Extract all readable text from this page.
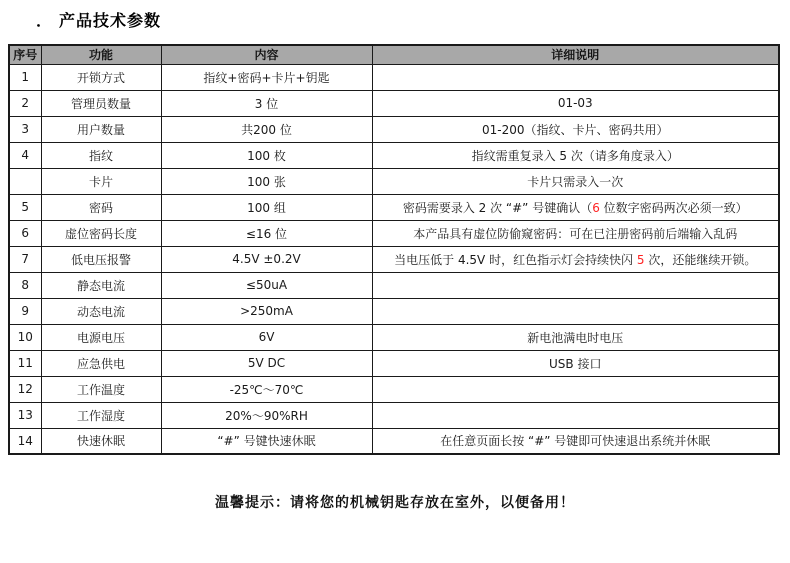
． 产品技术参数
序号	功能	内容	详细说明
1	开锁方式	指纹+密码+卡片+钥匙	
2	管理员数量	3 位	01-03
3	用户数量	共200 位	01-200（指纹、卡片、密码共用）
4	指纹	100 枚	指纹需重复录入 5 次（请多角度录入）
	卡片	100 张	卡片只需录入一次
5	密码	100 组	密码需要录入 2 次 “#” 号键确认（6 位数字密码两次必须一致）
6	虚位密码长度	≤16 位	本产品具有虚位防偷窥密码：可在已注册密码前后端输入乱码
7	低电压报警	4.5V ±0.2V	当电压低于 4.5V 时，红色指示灯会持续快闪 5 次，还能继续开锁。
8	静态电流	≤50uA	
9	动态电流	>250mA	
10	电源电压	6V	新电池满电时电压
11	应急供电	5V DC	USB 接口
12	工作温度	-25℃～70℃	
13	工作湿度	20%～90%RH	
14	快速休眠	“#” 号键快速休眠	在任意页面长按 “#” 号键即可快速退出系统并休眠
温馨提示：请将您的机械钥匙存放在室外，以便备用！
